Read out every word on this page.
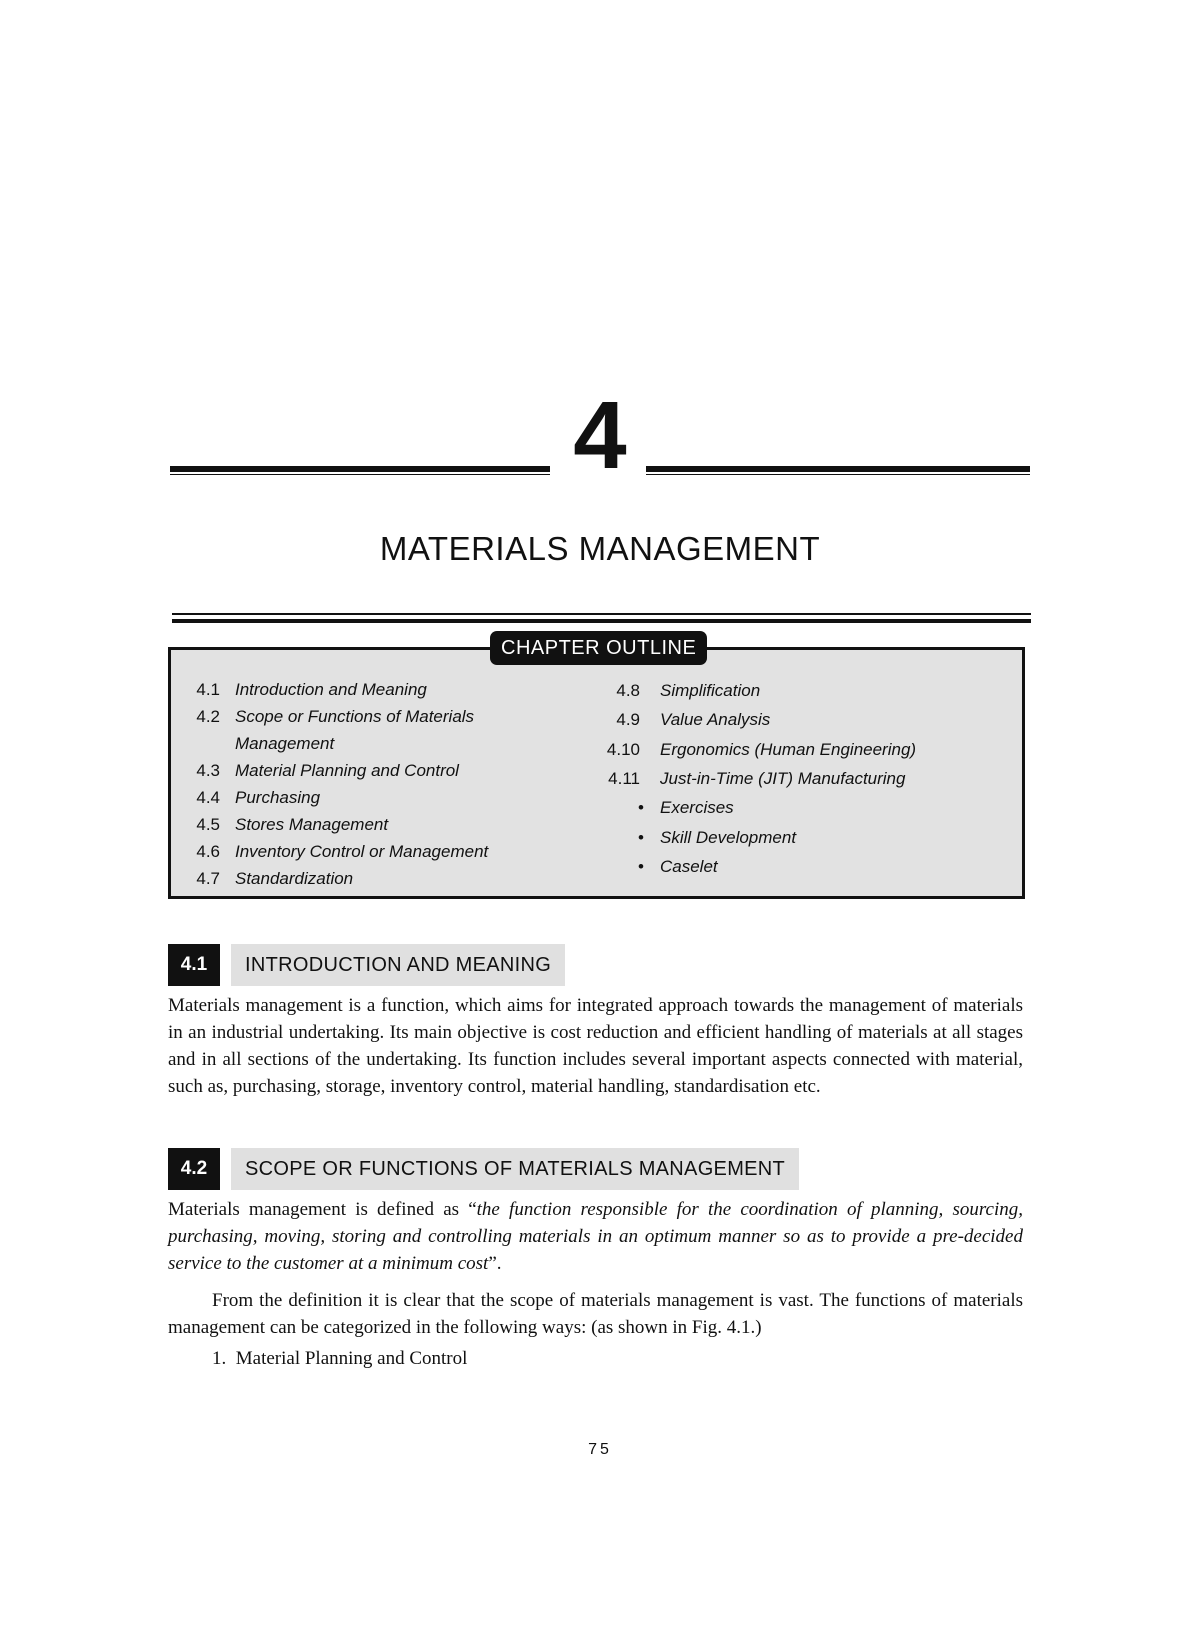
4
MATERIALS MANAGEMENT
CHAPTER OUTLINE
4.1 Introduction and Meaning
4.2 Scope or Functions of Materials
Management
4.3 Material Planning and Control
4.4 Purchasing
4.5 Stores Management
4.6 Inventory Control or Management
4.7 Standardization
4.8 Simplification
4.9 Value Analysis
4.10 Ergonomics (Human Engineering)
4.11 Just-in-Time (JIT) Manufacturing
• Exercises
• Skill Development
• Caselet
4.1	INTRODUCTION AND MEANING
Materials management is a function, which aims for integrated approach towards the management of materials in an industrial undertaking. Its main objective is cost reduction and efficient handling of materials at all stages and in all sections of the undertaking. Its function includes several important aspects connected with material, such as, purchasing, storage, inventory control, material handling, standardisation etc.
4.2	SCOPE OR FUNCTIONS OF MATERIALS MANAGEMENT
Materials management is defined as “the function responsible for the coordination of planning, sourcing, purchasing, moving, storing and controlling materials in an optimum manner so as to provide a pre-decided service to the customer at a minimum cost”.
From the definition it is clear that the scope of materials management is vast. The functions of materials management can be categorized in the following ways: (as shown in Fig. 4.1.)
1.  Material Planning and Control
75
